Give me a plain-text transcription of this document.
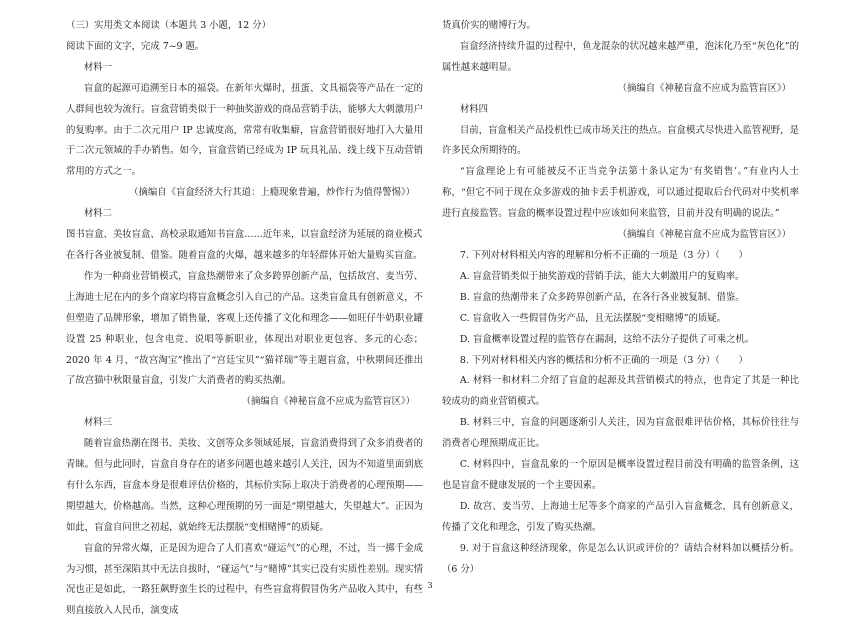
（三）实用类文本阅读（本题共 3 小题，12 分）

阅读下面的文字，完成 7~9 题。

材料一

盲盒的起源可追溯至日本的福袋。在新年火爆时，扭蛋、文具福袋等产品在一定的人群间也较为流行。盲盒营销类似于一种抽奖游戏的商品营销手法，能够大大刺激用户的复购率。由于二次元用户 IP 忠诚度高，常常有收集癖，盲盒营销很好地打入大量用于二次元领域的手办销售。如今，盲盒营销已经成为 IP 玩具礼品、线上线下互动营销常用的方式之一。

（摘编自《盲盒经济大行其道：上瘾现象普遍，炒作行为值得警惕》）

材料二

图书盲盒、美妆盲盒、高校录取通知书盲盒……近年来，以盲盒经济为延展的商业模式

在各行各业被复制、借鉴。随着盲盒的火爆，越来越多的年轻群体开始大量购买盲盒。

作为一种商业营销模式，盲盒热潮带来了众多跨界创新产品，包括故宫、麦当劳、上海迪士尼在内的多个商家均将盲盒概念引入自己的产品。这类盲盒具有创新意义，不但塑造了品牌形象，增加了销售量，客观上还传播了文化和理念——如旺仔牛奶职业罐设置 25 种职业，包含电竞、说唱等新职业，体现出对职业更包容、多元的心态；2020 年 4 月，“故宫淘宝”推出了“宫廷宝贝”“猫祥瑞”等主题盲盒，中秋期间还推出了故宫猫中秋限量盲盒，引发广大消费者的购买热潮。

（摘编自《神秘盲盒不应成为监管盲区》）

材料三

随着盲盒热潮在图书、美妆、文创等众多领域延展，盲盒消费得到了众多消费者的青睐。但与此同时，盲盒自身存在的诸多问题也越来越引人关注，因为不知道里面到底有什么东西，盲盒本身是很难评估价格的，其标价实际上取决于消费者的心理预期——期望越大，价格越高。当然，这种心理预期的另一面是“期望越大，失望越大”。正因为如此，盲盒自问世之初起，就始终无法摆脱“变相赌博”的质疑。

盲盒的异常火爆，正是因为迎合了人们喜欢“碰运气”的心理，不过，当一掷千金成为习惯，甚至深陷其中无法自拔时，“碰运气”与“赌博”其实已没有实质性差别。现实情况也正是如此，一路狂飙野蛮生长的过程中，有些盲盒将假冒伪劣产品收入其中，有些则直接放入人民币，演变成

货真价实的赌博行为。

盲盒经济持续升温的过程中，鱼龙混杂的状况越来越严重，泡沫化乃至“灰色化”的属性越来越明显。

（摘编自《神秘盲盒不应成为监管盲区》）

材料四

目前，盲盒相关产品投机性已成市场关注的热点。盲盒模式尽快进入监管视野，是许多民众所期待的。

“盲盒理论上有可能被反不正当竞争法第十条认定为‘有奖销售’。”有业内人士称，“但它不同于现在众多游戏的抽卡丢手机游戏，可以通过提取后台代码对中奖机率进行直接监管。盲盒的概率设置过程中应该如何来监管，目前并没有明确的说法。”

（摘编自《神秘盲盒不应成为监管盲区》）

7. 下列对材料相关内容的理解和分析不正确的一项是（3 分）（　　）

A. 盲盒营销类似于抽奖游戏的营销手法，能大大刺激用户的复购率。

B. 盲盒的热潮带来了众多跨界创新产品，在各行各业被复制、借鉴。

C. 盲盒收入一些假冒伪劣产品，且无法摆脱“变相赌博”的质疑。

D. 盲盒概率设置过程的监管存在漏洞，这给不法分子提供了可乘之机。

8. 下列对材料相关内容的概括和分析不正确的一项是（3 分）（　　）

A. 材料一和材料二介绍了盲盒的起源及其营销模式的特点，也肯定了其是一种比较成功的商业营销模式。

B. 材料三中，盲盒的问题逐渐引人关注，因为盲盒很难评估价格，其标价往往与消费者心理预期成正比。

C. 材料四中，盲盒乱象的一个原因是概率设置过程目前没有明确的监管条例，这也是盲盒不健康发展的一个主要因素。

D. 故宫、麦当劳、上海迪士尼等多个商家的产品引入盲盒概念，具有创新意义，传播了文化和理念，引发了购买热潮。

9. 对于盲盒这种经济现象，你是怎么认识或评价的？请结合材料加以概括分析。（6 分）

3
